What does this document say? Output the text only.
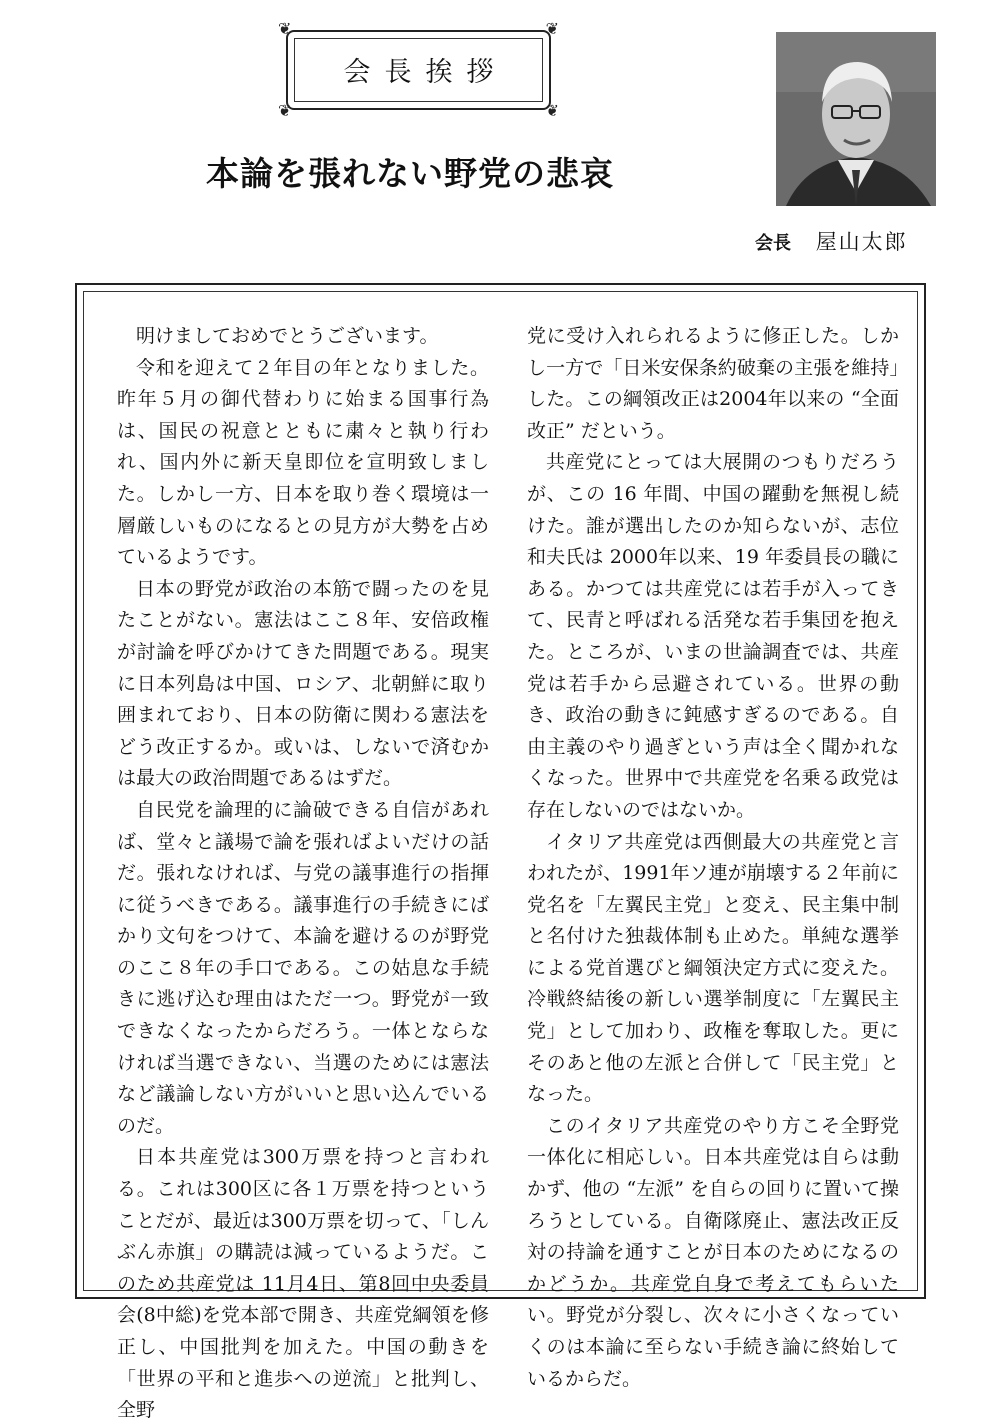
❦	❦
❦	❦
会長挨拶
本論を張れない野党の悲哀
会長 屋山太郎

明けましておめでとうございます。

令和を迎えて２年目の年となりました。昨年５月の御代替わりに始まる国事行為は、国民の祝意とともに粛々と執り行われ、国内外に新天皇即位を宣明致しました。しかし一方、日本を取り巻く環境は一層厳しいものになるとの見方が大勢を占めているようです。

日本の野党が政治の本筋で闘ったのを見たことがない。憲法はここ８年、安倍政権が討論を呼びかけてきた問題である。現実に日本列島は中国、ロシア、北朝鮮に取り囲まれており、日本の防衛に関わる憲法をどう改正するか。或いは、しないで済むかは最大の政治問題であるはずだ。

自民党を論理的に論破できる自信があれば、堂々と議場で論を張ればよいだけの話だ。張れなければ、与党の議事進行の指揮に従うべきである。議事進行の手続きにばかり文句をつけて、本論を避けるのが野党のここ８年の手口である。この姑息な手続きに逃げ込む理由はただ一つ。野党が一致できなくなったからだろう。一体とならなければ当選できない、当選のためには憲法など議論しない方がいいと思い込んでいるのだ。

日本共産党は300万票を持つと言われる。これは300区に各１万票を持つということだが、最近は300万票を切って、「しんぶん赤旗」の購読は減っているようだ。このため共産党は 11月4日、第8回中央委員会(8中総)を党本部で開き、共産党綱領を修正し、中国批判を加えた。中国の動きを「世界の平和と進歩への逆流」と批判し、全野

党に受け入れられるように修正した。しかし一方で「日米安保条約破棄の主張を維持」した。この綱領改正は2004年以来の “全面改正” だという。

共産党にとっては大展開のつもりだろうが、この 16 年間、中国の躍動を無視し続けた。誰が選出したのか知らないが、志位和夫氏は 2000年以来、19 年委員長の職にある。かつては共産党には若手が入ってきて、民青と呼ばれる活発な若手集団を抱えた。ところが、いまの世論調査では、共産党は若手から忌避されている。世界の動き、政治の動きに鈍感すぎるのである。自由主義のやり過ぎという声は全く聞かれなくなった。世界中で共産党を名乗る政党は存在しないのではないか。

イタリア共産党は西側最大の共産党と言われたが、1991年ソ連が崩壊する２年前に党名を「左翼民主党」と変え、民主集中制と名付けた独裁体制も止めた。単純な選挙による党首選びと綱領決定方式に変えた。冷戦終結後の新しい選挙制度に「左翼民主党」として加わり、政権を奪取した。更にそのあと他の左派と合併して「民主党」となった。

このイタリア共産党のやり方こそ全野党一体化に相応しい。日本共産党は自らは動かず、他の “左派” を自らの回りに置いて操ろうとしている。自衛隊廃止、憲法改正反対の持論を通すことが日本のためになるのかどうか。共産党自身で考えてもらいたい。野党が分裂し、次々に小さくなっていくのは本論に至らない手続き論に終始しているからだ。
